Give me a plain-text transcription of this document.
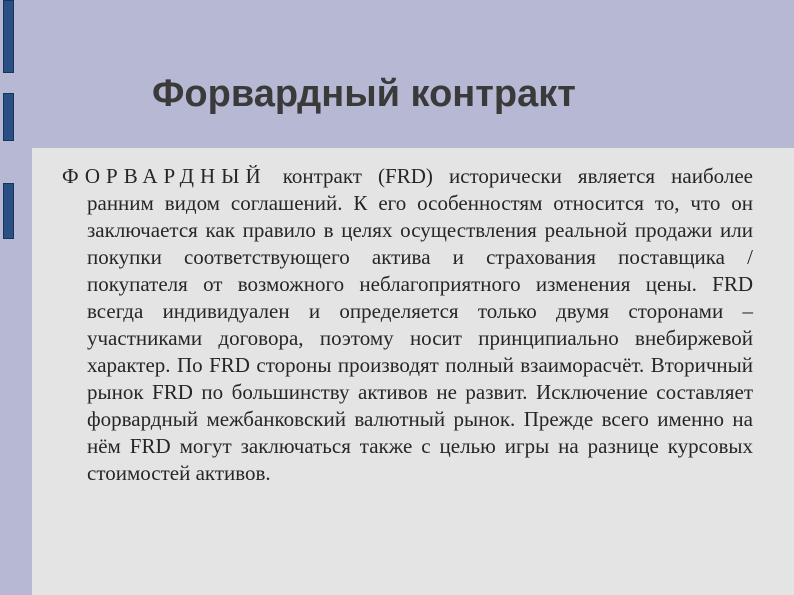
Форвардный контракт

ФОРВАРДНЫЙ контракт (FRD) исторически является наиболее ранним видом соглашений. К его особенностям относится то, что он заключается как правило в целях осуществления реальной продажи или покупки соответствующего актива и страхования поставщика / покупателя от возможного неблагоприятного изменения цены. FRD всегда индивидуален и определяется только двумя сторонами – участниками договора, поэтому носит принципиально внебиржевой характер. По FRD стороны производят полный взаиморасчёт. Вторичный рынок FRD по большинству активов не развит. Исключение составляет форвардный межбанковский валютный рынок. Прежде всего именно на нём FRD могут заключаться также с целью игры на разнице курсовых стоимостей активов.
